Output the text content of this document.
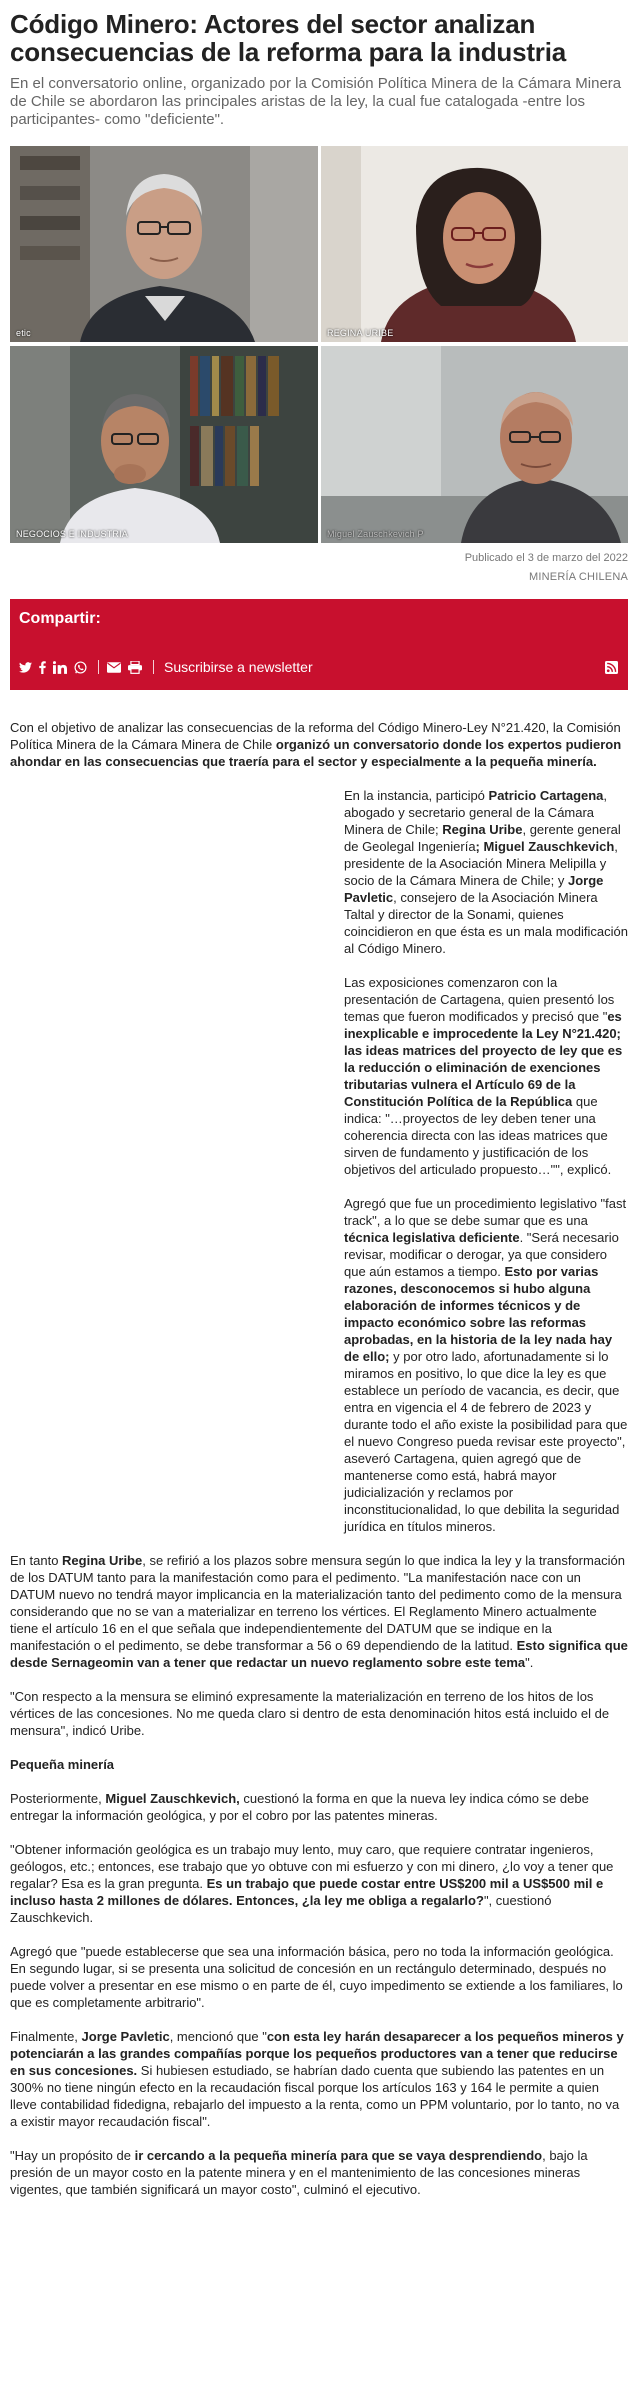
Código Minero: Actores del sector analizan consecuencias de la reforma para la industria

En el conversatorio online, organizado por la Comisión Política Minera de la Cámara Minera de Chile se abordaron las principales aristas de la ley, la cual fue catalogada -entre los participantes- como "deficiente".

etic	REGINA URIBE
NEGOCIOS E INDUSTRIA	Miguel Zauschkevich P
Publicado el 3 de marzo del 2022
MINERÍA CHILENA
Compartir:
Suscribirse a newsletter

Con el objetivo de analizar las consecuencias de la reforma del Código Minero-Ley N°21.420, la Comisión Política Minera de la Cámara Minera de Chile organizó un conversatorio donde los expertos pudieron ahondar en las consecuencias que traería para el sector y especialmente a la pequeña minería.

En la instancia, participó Patricio Cartagena, abogado y secretario general de la Cámara Minera de Chile; Regina Uribe, gerente general de Geolegal Ingeniería; Miguel Zauschkevich, presidente de la Asociación Minera Melipilla y socio de la Cámara Minera de Chile; y Jorge Pavletic, consejero de la Asociación Minera Taltal y director de la Sonami, quienes coincidieron en que ésta es un mala modificación al Código Minero.

Las exposiciones comenzaron con la presentación de Cartagena, quien presentó los temas que fueron modificados y precisó que "es inexplicable e improcedente la Ley N°21.420; las ideas matrices del proyecto de ley que es la reducción o eliminación de exenciones tributarias vulnera el Artículo 69 de la Constitución Política de la República que indica: "…proyectos de ley deben tener una coherencia directa con las ideas matrices que sirven de fundamento y justificación de los objetivos del articulado propuesto…"", explicó.

Agregó que fue un procedimiento legislativo "fast track", a lo que se debe sumar que es una técnica legislativa deficiente. "Será necesario revisar, modificar o derogar, ya que considero que aún estamos a tiempo. Esto por varias razones, desconocemos si hubo alguna elaboración de informes técnicos y de impacto económico sobre las reformas aprobadas, en la historia de la ley nada hay de ello; y por otro lado, afortunadamente si lo miramos en positivo, lo que dice la ley es que establece un período de vacancia, es decir, que entra en vigencia el 4 de febrero de 2023 y durante todo el año existe la posibilidad para que el nuevo Congreso pueda revisar este proyecto", aseveró Cartagena, quien agregó que de mantenerse como está, habrá mayor judicialización y reclamos por inconstitucionalidad, lo que debilita la seguridad jurídica en títulos mineros.

En tanto Regina Uribe, se refirió a los plazos sobre mensura según lo que indica la ley y la transformación de los DATUM tanto para la manifestación como para el pedimento. "La manifestación nace con un DATUM nuevo no tendrá mayor implicancia en la materialización tanto del pedimento como de la mensura considerando que no se van a materializar en terreno los vértices. El Reglamento Minero actualmente tiene el artículo 16 en el que señala que independientemente del DATUM que se indique en la manifestación o el pedimento, se debe transformar a 56 o 69 dependiendo de la latitud. Esto significa que desde Sernageomin van a tener que redactar un nuevo reglamento sobre este tema".

"Con respecto a la mensura se eliminó expresamente la materialización en terreno de los hitos de los vértices de las concesiones. No me queda claro si dentro de esta denominación hitos está incluido el de mensura", indicó Uribe.

Pequeña minería

Posteriormente, Miguel Zauschkevich, cuestionó la forma en que la nueva ley indica cómo se debe entregar la información geológica, y por el cobro por las patentes mineras.

"Obtener información geológica es un trabajo muy lento, muy caro, que requiere contratar ingenieros, geólogos, etc.; entonces, ese trabajo que yo obtuve con mi esfuerzo y con mi dinero, ¿lo voy a tener que regalar? Esa es la gran pregunta. Es un trabajo que puede costar entre US$200 mil a US$500 mil e incluso hasta 2 millones de dólares. Entonces, ¿la ley me obliga a regalarlo?", cuestionó Zauschkevich.

Agregó que "puede establecerse que sea una información básica, pero no toda la información geológica. En segundo lugar, si se presenta una solicitud de concesión en un rectángulo determinado, después no puede volver a presentar en ese mismo o en parte de él, cuyo impedimento se extiende a los familiares, lo que es completamente arbitrario".

Finalmente, Jorge Pavletic, mencionó que "con esta ley harán desaparecer a los pequeños mineros y potenciarán a las grandes compañías porque los pequeños productores van a tener que reducirse en sus concesiones. Si hubiesen estudiado, se habrían dado cuenta que subiendo las patentes en un 300% no tiene ningún efecto en la recaudación fiscal porque los artículos 163 y 164 le permite a quien lleve contabilidad fidedigna, rebajarlo del impuesto a la renta, como un PPM voluntario, por lo tanto, no va a existir mayor recaudación fiscal".

"Hay un propósito de ir cercando a la pequeña minería para que se vaya desprendiendo, bajo la presión de un mayor costo en la patente minera y en el mantenimiento de las concesiones mineras vigentes, que también significará un mayor costo", culminó el ejecutivo.
